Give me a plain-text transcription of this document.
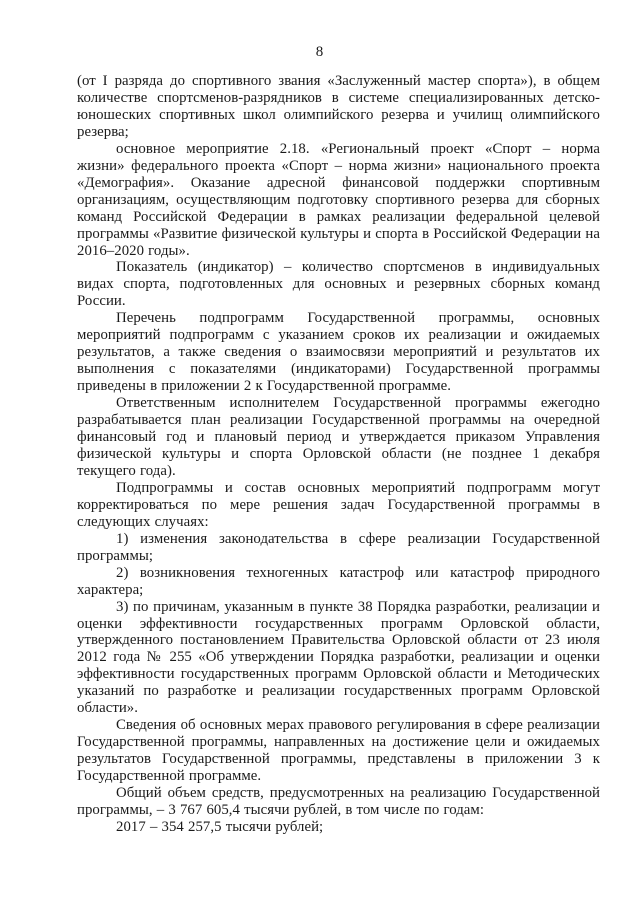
8

(от I разряда до спортивного звания «Заслуженный мастер спорта»), в общем количестве спортсменов-разрядников в системе специализированных детско-юношеских спортивных школ олимпийского резерва и училищ олимпийского резерва;

основное мероприятие 2.18. «Региональный проект «Спорт – норма жизни» федерального проекта «Спорт – норма жизни» национального проекта «Демография». Оказание адресной финансовой поддержки спортивным организациям, осуществляющим подготовку спортивного резерва для сборных команд Российской Федерации в рамках реализации федеральной целевой программы «Развитие физической культуры и спорта в Российской Федерации на 2016–2020 годы».

Показатель (индикатор) – количество спортсменов в индивидуальных видах спорта, подготовленных для основных и резервных сборных команд России.

Перечень подпрограмм Государственной программы, основных мероприятий подпрограмм с указанием сроков их реализации и ожидаемых результатов, а также сведения о взаимосвязи мероприятий и результатов их выполнения с показателями (индикаторами) Государственной программы приведены в приложении 2 к Государственной программе.

Ответственным исполнителем Государственной программы ежегодно разрабатывается план реализации Государственной программы на очередной финансовый год и плановый период и утверждается приказом Управления физической культуры и спорта Орловской области (не позднее 1 декабря текущего года).

Подпрограммы и состав основных мероприятий подпрограмм могут корректироваться по мере решения задач Государственной программы в следующих случаях:

1) изменения законодательства в сфере реализации Государственной программы;

2) возникновения техногенных катастроф или катастроф природного характера;

3) по причинам, указанным в пункте 38 Порядка разработки, реализации и оценки эффективности государственных программ Орловской области, утвержденного постановлением Правительства Орловской области от 23 июля 2012 года № 255 «Об утверждении Порядка разработки, реализации и оценки эффективности государственных программ Орловской области и Методических указаний по разработке и реализации государственных программ Орловской области».

Сведения об основных мерах правового регулирования в сфере реализации Государственной программы, направленных на достижение цели и ожидаемых результатов Государственной программы, представлены в приложении 3 к Государственной программе.

Общий объем средств, предусмотренных на реализацию Государственной программы, – 3 767 605,4 тысячи рублей, в том числе по годам:

2017 – 354 257,5 тысячи рублей;
